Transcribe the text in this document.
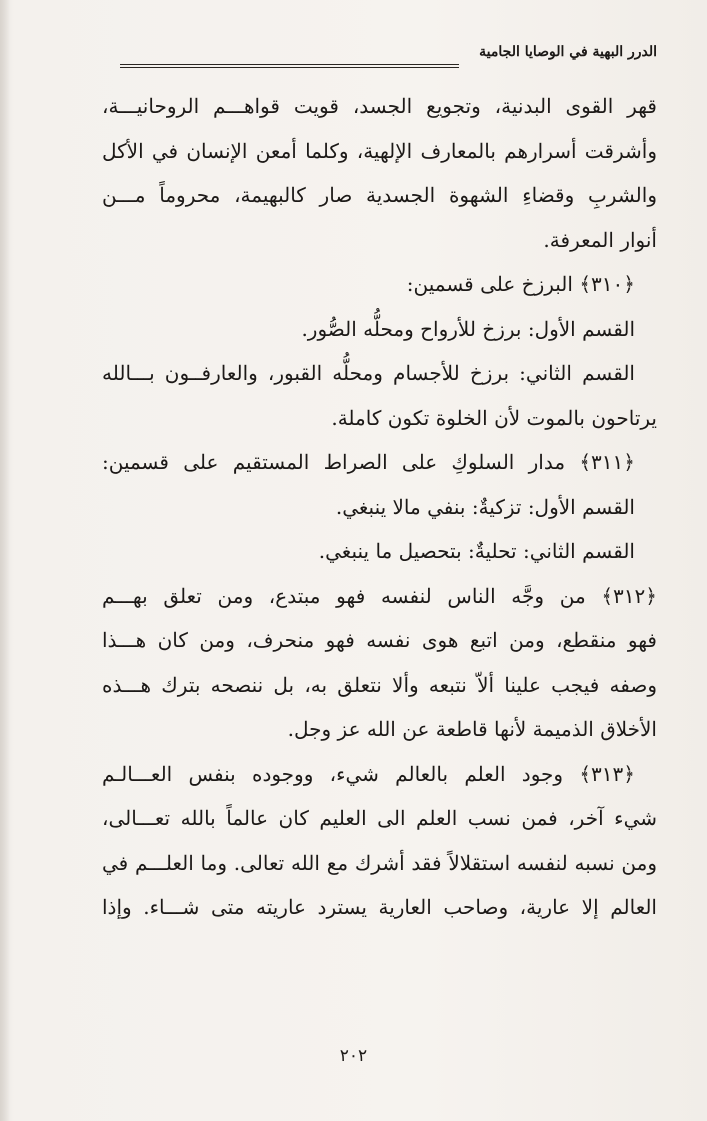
الدرر البهية في الوصايا الجامية
قهر القوى البدنية، وتجويع الجسد، قويت قواهـــم الروحانيـــة،
وأشرقت أسرارهم بالمعارف الإلهية، وكلما أمعن الإنسان في الأكل
والشربِ وقضاءِ الشهوة الجسدية صار كالبهيمة، محروماً مـــن
أنوار المعرفة.
﴿٣١٠﴾ البرزخ على قسمين:
القسم الأول: برزخ للأرواح ومحلُّه الصُّور.
القسم الثاني: برزخ للأجسام ومحلُّه القبور، والعارفــون بـــالله
يرتاحون بالموت لأن الخلوة تكون كاملة.
﴿٣١١﴾ مدار السلوكِ على الصراط المستقيم على قسمين:
القسم الأول: تزكيةٌ: بنفي مالا ينبغي.
القسم الثاني: تحليةٌ: بتحصيل ما ينبغي.
﴿٣١٢﴾ من وجَّه الناس لنفسه فهو مبتدع، ومن تعلق بهـــم
فهو منقطع، ومن اتبع هوى نفسه فهو منحرف، ومن كان هـــذا
وصفه فيجب علينا ألاّ نتبعه وألا نتعلق به، بل ننصحه بترك هـــذه
الأخلاق الذميمة لأنها قاطعة عن الله عز وجل.
﴿٣١٣﴾ وجود العلم بالعالم شيء، ووجوده بنفس العـــالـم
شيء آخر، فمن نسب العلم الى العليم كان عالماً بالله تعـــالى،
ومن نسبه لنفسه استقلالاً فقد أشرك مع الله تعالى. وما العلـــم في
العالم إلا عارية، وصاحب العارية يسترد عاريته متى شـــاء. وإذا
٢٠٢
